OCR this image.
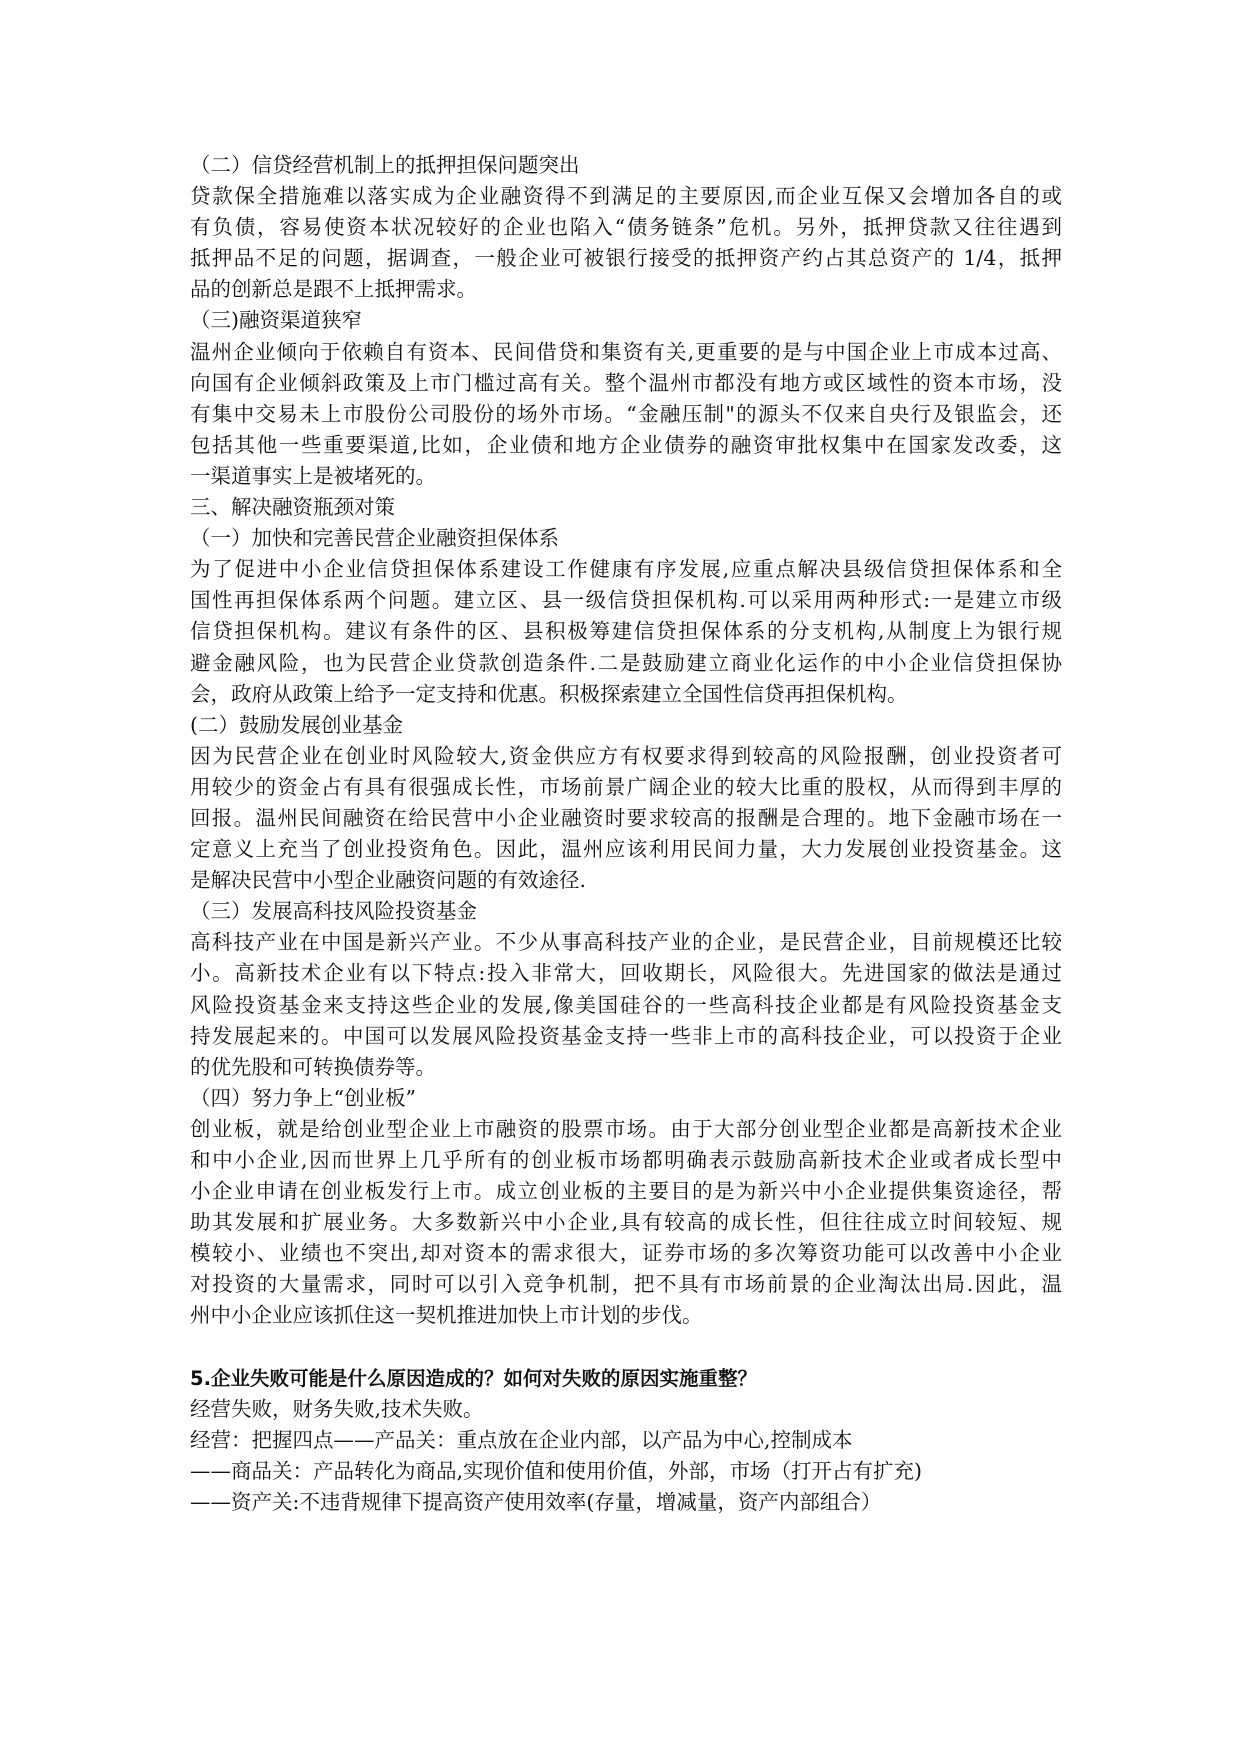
（二）信贷经营机制上的抵押担保问题突出
贷款保全措施难以落实成为企业融资得不到满足的主要原因,而企业互保又会增加各自的或
有负债，容易使资本状况较好的企业也陷入“债务链条”危机。另外，抵押贷款又往往遇到
抵押品不足的问题，据调查，一般企业可被银行接受的抵押资产约占其总资产的 1/4，抵押
品的创新总是跟不上抵押需求。
（三)融资渠道狭窄
温州企业倾向于依赖自有资本、民间借贷和集资有关,更重要的是与中国企业上市成本过高、
向国有企业倾斜政策及上市门槛过高有关。整个温州市都没有地方或区域性的资本市场，没
有集中交易未上市股份公司股份的场外市场。“金融压制"的源头不仅来自央行及银监会，还
包括其他一些重要渠道,比如，企业债和地方企业债券的融资审批权集中在国家发改委，这
一渠道事实上是被堵死的。
三、解决融资瓶颈对策
（一）加快和完善民营企业融资担保体系
为了促进中小企业信贷担保体系建设工作健康有序发展,应重点解决县级信贷担保体系和全
国性再担保体系两个问题。建立区、县一级信贷担保机构.可以采用两种形式:一是建立市级
信贷担保机构。建议有条件的区、县积极筹建信贷担保体系的分支机构,从制度上为银行规
避金融风险，也为民营企业贷款创造条件.二是鼓励建立商业化运作的中小企业信贷担保协
会，政府从政策上给予一定支持和优惠。积极探索建立全国性信贷再担保机构。
(二）鼓励发展创业基金
因为民营企业在创业时风险较大,资金供应方有权要求得到较高的风险报酬，创业投资者可
用较少的资金占有具有很强成长性，市场前景广阔企业的较大比重的股权，从而得到丰厚的
回报。温州民间融资在给民营中小企业融资时要求较高的报酬是合理的。地下金融市场在一
定意义上充当了创业投资角色。因此，温州应该利用民间力量，大力发展创业投资基金。这
是解决民营中小型企业融资问题的有效途径.
（三）发展高科技风险投资基金
高科技产业在中国是新兴产业。不少从事高科技产业的企业，是民营企业，目前规模还比较
小。高新技术企业有以下特点:投入非常大，回收期长，风险很大。先进国家的做法是通过
风险投资基金来支持这些企业的发展,像美国硅谷的一些高科技企业都是有风险投资基金支
持发展起来的。中国可以发展风险投资基金支持一些非上市的高科技企业，可以投资于企业
的优先股和可转换债券等。
（四）努力争上“创业板”
创业板，就是给创业型企业上市融资的股票市场。由于大部分创业型企业都是高新技术企业
和中小企业,因而世界上几乎所有的创业板市场都明确表示鼓励高新技术企业或者成长型中
小企业申请在创业板发行上市。成立创业板的主要目的是为新兴中小企业提供集资途径，帮
助其发展和扩展业务。大多数新兴中小企业,具有较高的成长性，但往往成立时间较短、规
模较小、业绩也不突出,却对资本的需求很大，证券市场的多次筹资功能可以改善中小企业
对投资的大量需求，同时可以引入竞争机制，把不具有市场前景的企业淘汰出局.因此，温
州中小企业应该抓住这一契机推进加快上市计划的步伐。
5.企业失败可能是什么原因造成的？如何对失败的原因实施重整？
经营失败，财务失败,技术失败。
经营：把握四点——产品关：重点放在企业内部，以产品为中心,控制成本
——商品关：产品转化为商品,实现价值和使用价值，外部，市场（打开占有扩充)
——资产关:不违背规律下提高资产使用效率(存量，增减量，资产内部组合）
